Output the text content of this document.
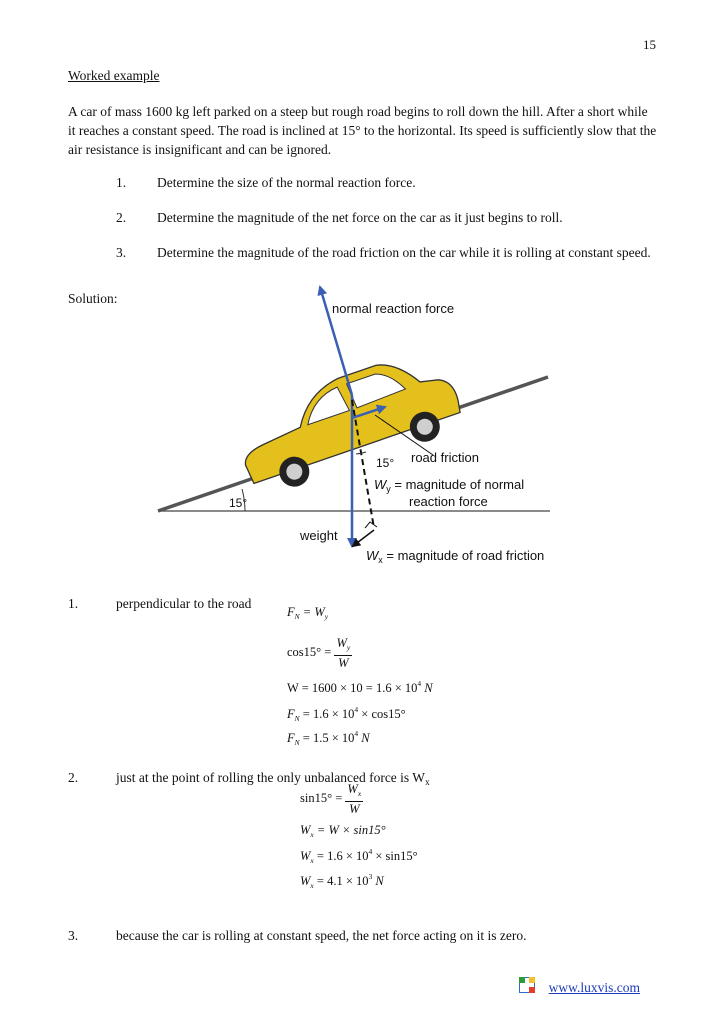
15
Worked example
A car of mass 1600 kg left parked on a steep but rough road begins to roll down the hill. After a short while it reaches a constant speed. The road is inclined at 15° to the horizontal. Its speed is sufficiently slow that the air resistance is insignificant and can be ignored.
1. Determine the size of the normal reaction force.
2. Determine the magnitude of the net force on the car as it just begins to roll.
3. Determine the magnitude of the road friction on the car while it is rolling at constant speed.
Solution:
normal reaction force
road friction
15°
15°
$W_y$ = magnitude of normal
reaction force
weight
$W_x$ = magnitude of road friction
1.	perpendicular to the road
$F_N = W_y$
$\cos 15^\circ = \frac{W_y}{W}$
$W = 1600 \times 10 = 1.6 \times 10^4$ N
$F_N = 1.6 \times 10^4 \times \cos 15^\circ$
$F_N = 1.5 \times 10^4$ N
2.	just at the point of rolling the only unbalanced force is $W_x$
$\sin 15^\circ = \frac{W_x}{W}$
$W_x = W \times \sin 15^\circ$
$W_x = 1.6 \times 10^4 \times \sin 15^\circ$
$W_x = 4.1 \times 10^3$ N
3.	because the car is rolling at constant speed, the net force acting on it is zero.
www.luxvis.com
